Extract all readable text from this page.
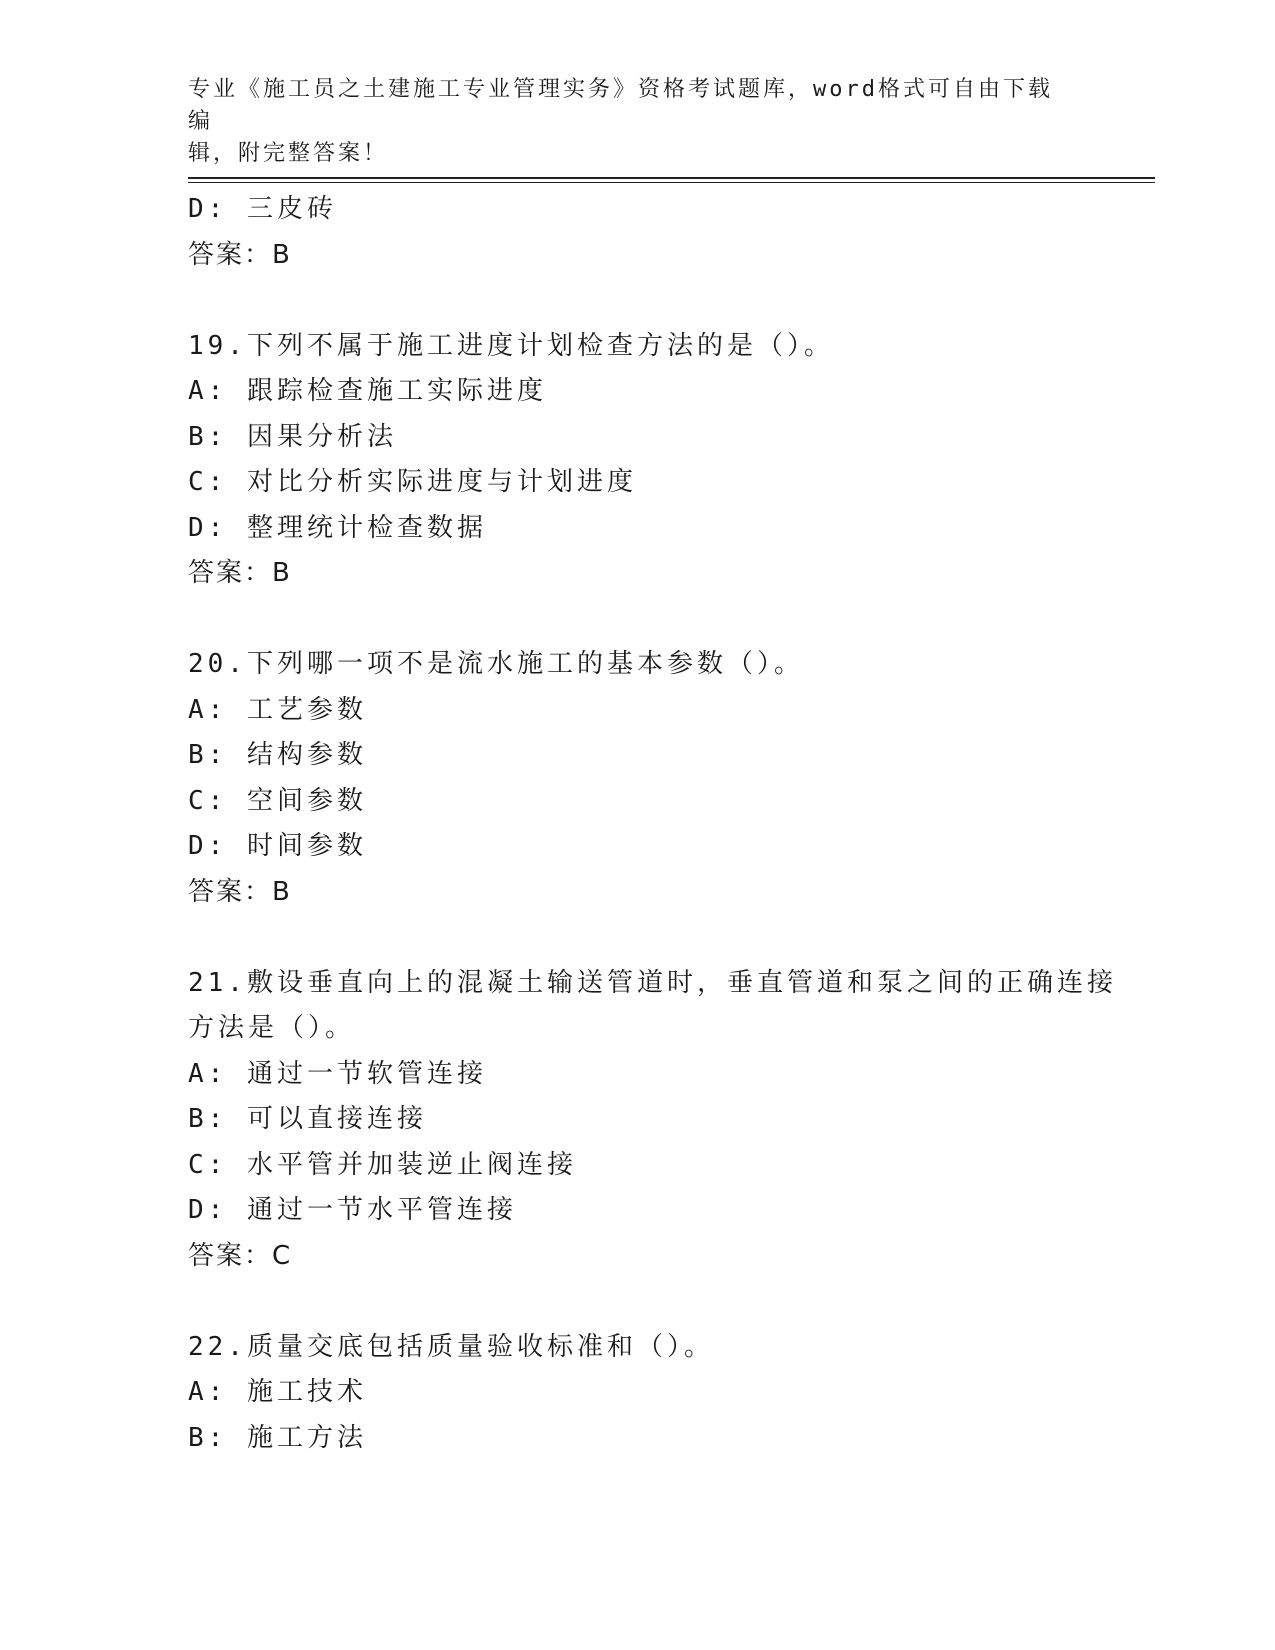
专业《施工员之土建施工专业管理实务》资格考试题库，word格式可自由下载编
辑，附完整答案！
D: 三皮砖
答案：B
19.下列不属于施工进度计划检查方法的是（）。
A: 跟踪检查施工实际进度
B: 因果分析法
C: 对比分析实际进度与计划进度
D: 整理统计检查数据
答案：B
20.下列哪一项不是流水施工的基本参数（）。
A: 工艺参数
B: 结构参数
C: 空间参数
D: 时间参数
答案：B
21.敷设垂直向上的混凝土输送管道时，垂直管道和泵之间的正确连接
方法是（）。
A: 通过一节软管连接
B: 可以直接连接
C: 水平管并加装逆止阀连接
D: 通过一节水平管连接
答案：C
22.质量交底包括质量验收标准和（）。
A: 施工技术
B: 施工方法
